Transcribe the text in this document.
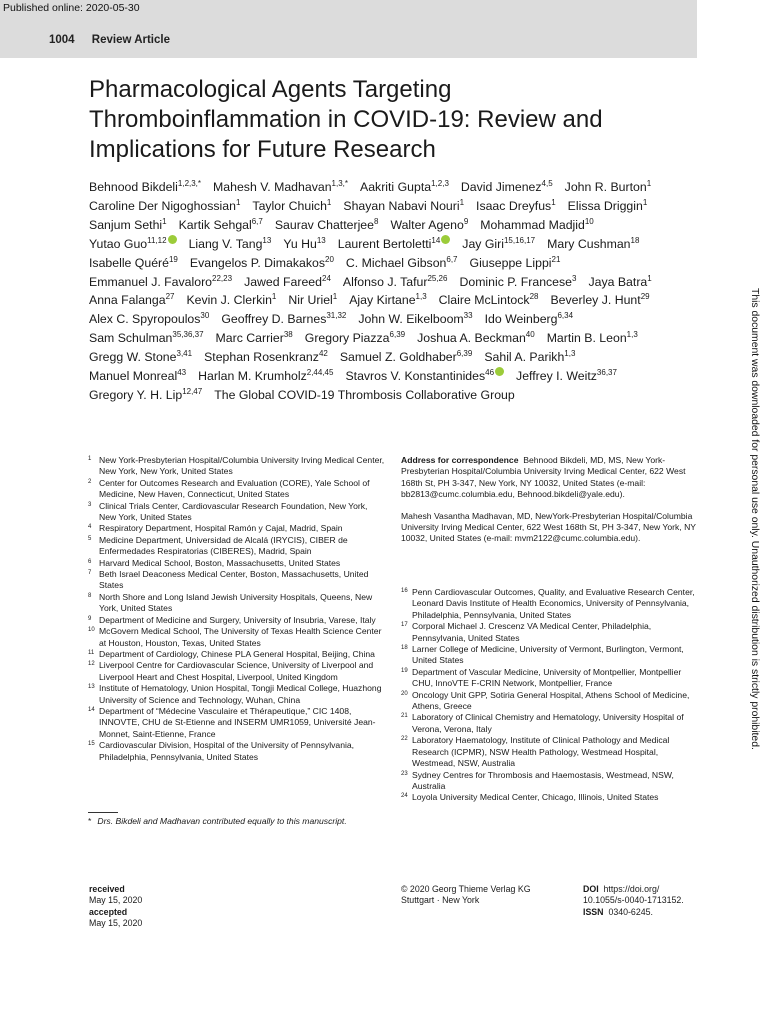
Published online: 2020-05-30
1004 Review Article
Pharmacological Agents Targeting
Thromboinflammation in COVID-19: Review and
Implications for Future Research
Behnood Bikdeli$^{1,2,3,*}$ Mahesh V. Madhavan$^{1,3,*}$ Aakriti Gupta$^{1,2,3}$ David Jimenez$^{4,5}$ John R. Burton$^1$
Caroline Der Nigoghossian$^1$ Taylor Chuich$^1$ Shayan Nabavi Nouri$^1$ Isaac Dreyfus$^1$ Elissa Driggin$^1$
Sanjum Sethi$^1$ Kartik Sehgal$^{6,7}$ Saurav Chatterjee$^8$ Walter Ageno$^9$ Mohammad Madjid$^{10}$
Yutao Guo$^{11,12}$ Liang V. Tang$^{13}$ Yu Hu$^{13}$ Laurent Bertoletti$^{14}$ Jay Giri$^{15,16,17}$ Mary Cushman$^{18}$
Isabelle Quéré$^{19}$ Evangelos P. Dimakakos$^{20}$ C. Michael Gibson$^{6,7}$ Giuseppe Lippi$^{21}$
Emmanuel J. Favaloro$^{22,23}$ Jawed Fareed$^{24}$ Alfonso J. Tafur$^{25,26}$ Dominic P. Francese$^3$ Jaya Batra$^1$
Anna Falanga$^{27}$ Kevin J. Clerkin$^1$ Nir Uriel$^1$ Ajay Kirtane$^{1,3}$ Claire McLintock$^{28}$ Beverley J. Hunt$^{29}$
Alex C. Spyropoulos$^{30}$ Geoffrey D. Barnes$^{31,32}$ John W. Eikelboom$^{33}$ Ido Weinberg$^{6,34}$
Sam Schulman$^{35,36,37}$ Marc Carrier$^{38}$ Gregory Piazza$^{6,39}$ Joshua A. Beckman$^{40}$ Martin B. Leon$^{1,3}$
Gregg W. Stone$^{3,41}$ Stephan Rosenkranz$^{42}$ Samuel Z. Goldhaber$^{6,39}$ Sahil A. Parikh$^{1,3}$
Manuel Monreal$^{43}$ Harlan M. Krumholz$^{2,44,45}$ Stavros V. Konstantinides$^{46}$ Jeffrey I. Weitz$^{36,37}$
Gregory Y. H. Lip$^{12,47}$ The Global COVID-19 Thrombosis Collaborative Group
1 New York-Presbyterian Hospital/Columbia University Irving Medical Center, New York, New York, United States
2 Center for Outcomes Research and Evaluation (CORE), Yale School of Medicine, New Haven, Connecticut, United States
3 Clinical Trials Center, Cardiovascular Research Foundation, New York, New York, United States
4 Respiratory Department, Hospital Ramón y Cajal, Madrid, Spain
5 Medicine Department, Universidad de Alcalá (IRYCIS), CIBER de Enfermedades Respiratorias (CIBERES), Madrid, Spain
6 Harvard Medical School, Boston, Massachusetts, United States
7 Beth Israel Deaconess Medical Center, Boston, Massachusetts, United States
8 North Shore and Long Island Jewish University Hospitals, Queens, New York, United States
9 Department of Medicine and Surgery, University of Insubria, Varese, Italy
10 McGovern Medical School, The University of Texas Health Science Center at Houston, Houston, Texas, United States
11 Department of Cardiology, Chinese PLA General Hospital, Beijing, China
12 Liverpool Centre for Cardiovascular Science, University of Liverpool and Liverpool Heart and Chest Hospital, Liverpool, United Kingdom
13 Institute of Hematology, Union Hospital, Tongji Medical College, Huazhong University of Science and Technology, Wuhan, China
14 Department of “Médecine Vasculaire et Thérapeutique,” CIC 1408, INNOVTE, CHU de St-Etienne and INSERM UMR1059, Université Jean-Monnet, Saint-Etienne, France
15 Cardiovascular Division, Hospital of the University of Pennsylvania, Philadelphia, Pennsylvania, United States

Address for correspondence Behnood Bikdeli, MD, MS, New York-Presbyterian Hospital/Columbia University Irving Medical Center, 622 West 168th St, PH 3-347, New York, NY 10032, United States (e-mail: bb2813@cumc.columbia.edu, Behnood.bikdeli@yale.edu).

Mahesh Vasantha Madhavan, MD, NewYork-Presbyterian Hospital/Columbia University Irving Medical Center, 622 West 168th St, PH 3-347, New York, NY 10032, United States (e-mail: mvm2122@cumc.columbia.edu).

16 Penn Cardiovascular Outcomes, Quality, and Evaluative Research Center, Leonard Davis Institute of Health Economics, University of Pennsylvania, Philadelphia, Pennsylvania, United States
17 Corporal Michael J. Crescenz VA Medical Center, Philadelphia, Pennsylvania, United States
18 Larner College of Medicine, University of Vermont, Burlington, Vermont, United States
19 Department of Vascular Medicine, University of Montpellier, Montpellier CHU, InnoVTE F-CRIN Network, Montpellier, France
20 Oncology Unit GPP, Sotiria General Hospital, Athens School of Medicine, Athens, Greece
21 Laboratory of Clinical Chemistry and Hematology, University Hospital of Verona, Verona, Italy
22 Laboratory Haematology, Institute of Clinical Pathology and Medical Research (ICPMR), NSW Health Pathology, Westmead Hospital, Westmead, NSW, Australia
23 Sydney Centres for Thrombosis and Haemostasis, Westmead, NSW, Australia
24 Loyola University Medical Center, Chicago, Illinois, United States
* Drs. Bikdeli and Madhavan contributed equally to this manuscript.
received
May 15, 2020
accepted
May 15, 2020
© 2020 Georg Thieme Verlag KG
Stuttgart · New York
DOI https://doi.org/
10.1055/s-0040-1713152.
ISSN 0340-6245.
This document was downloaded for personal use only. Unauthorized distribution is strictly prohibited.
